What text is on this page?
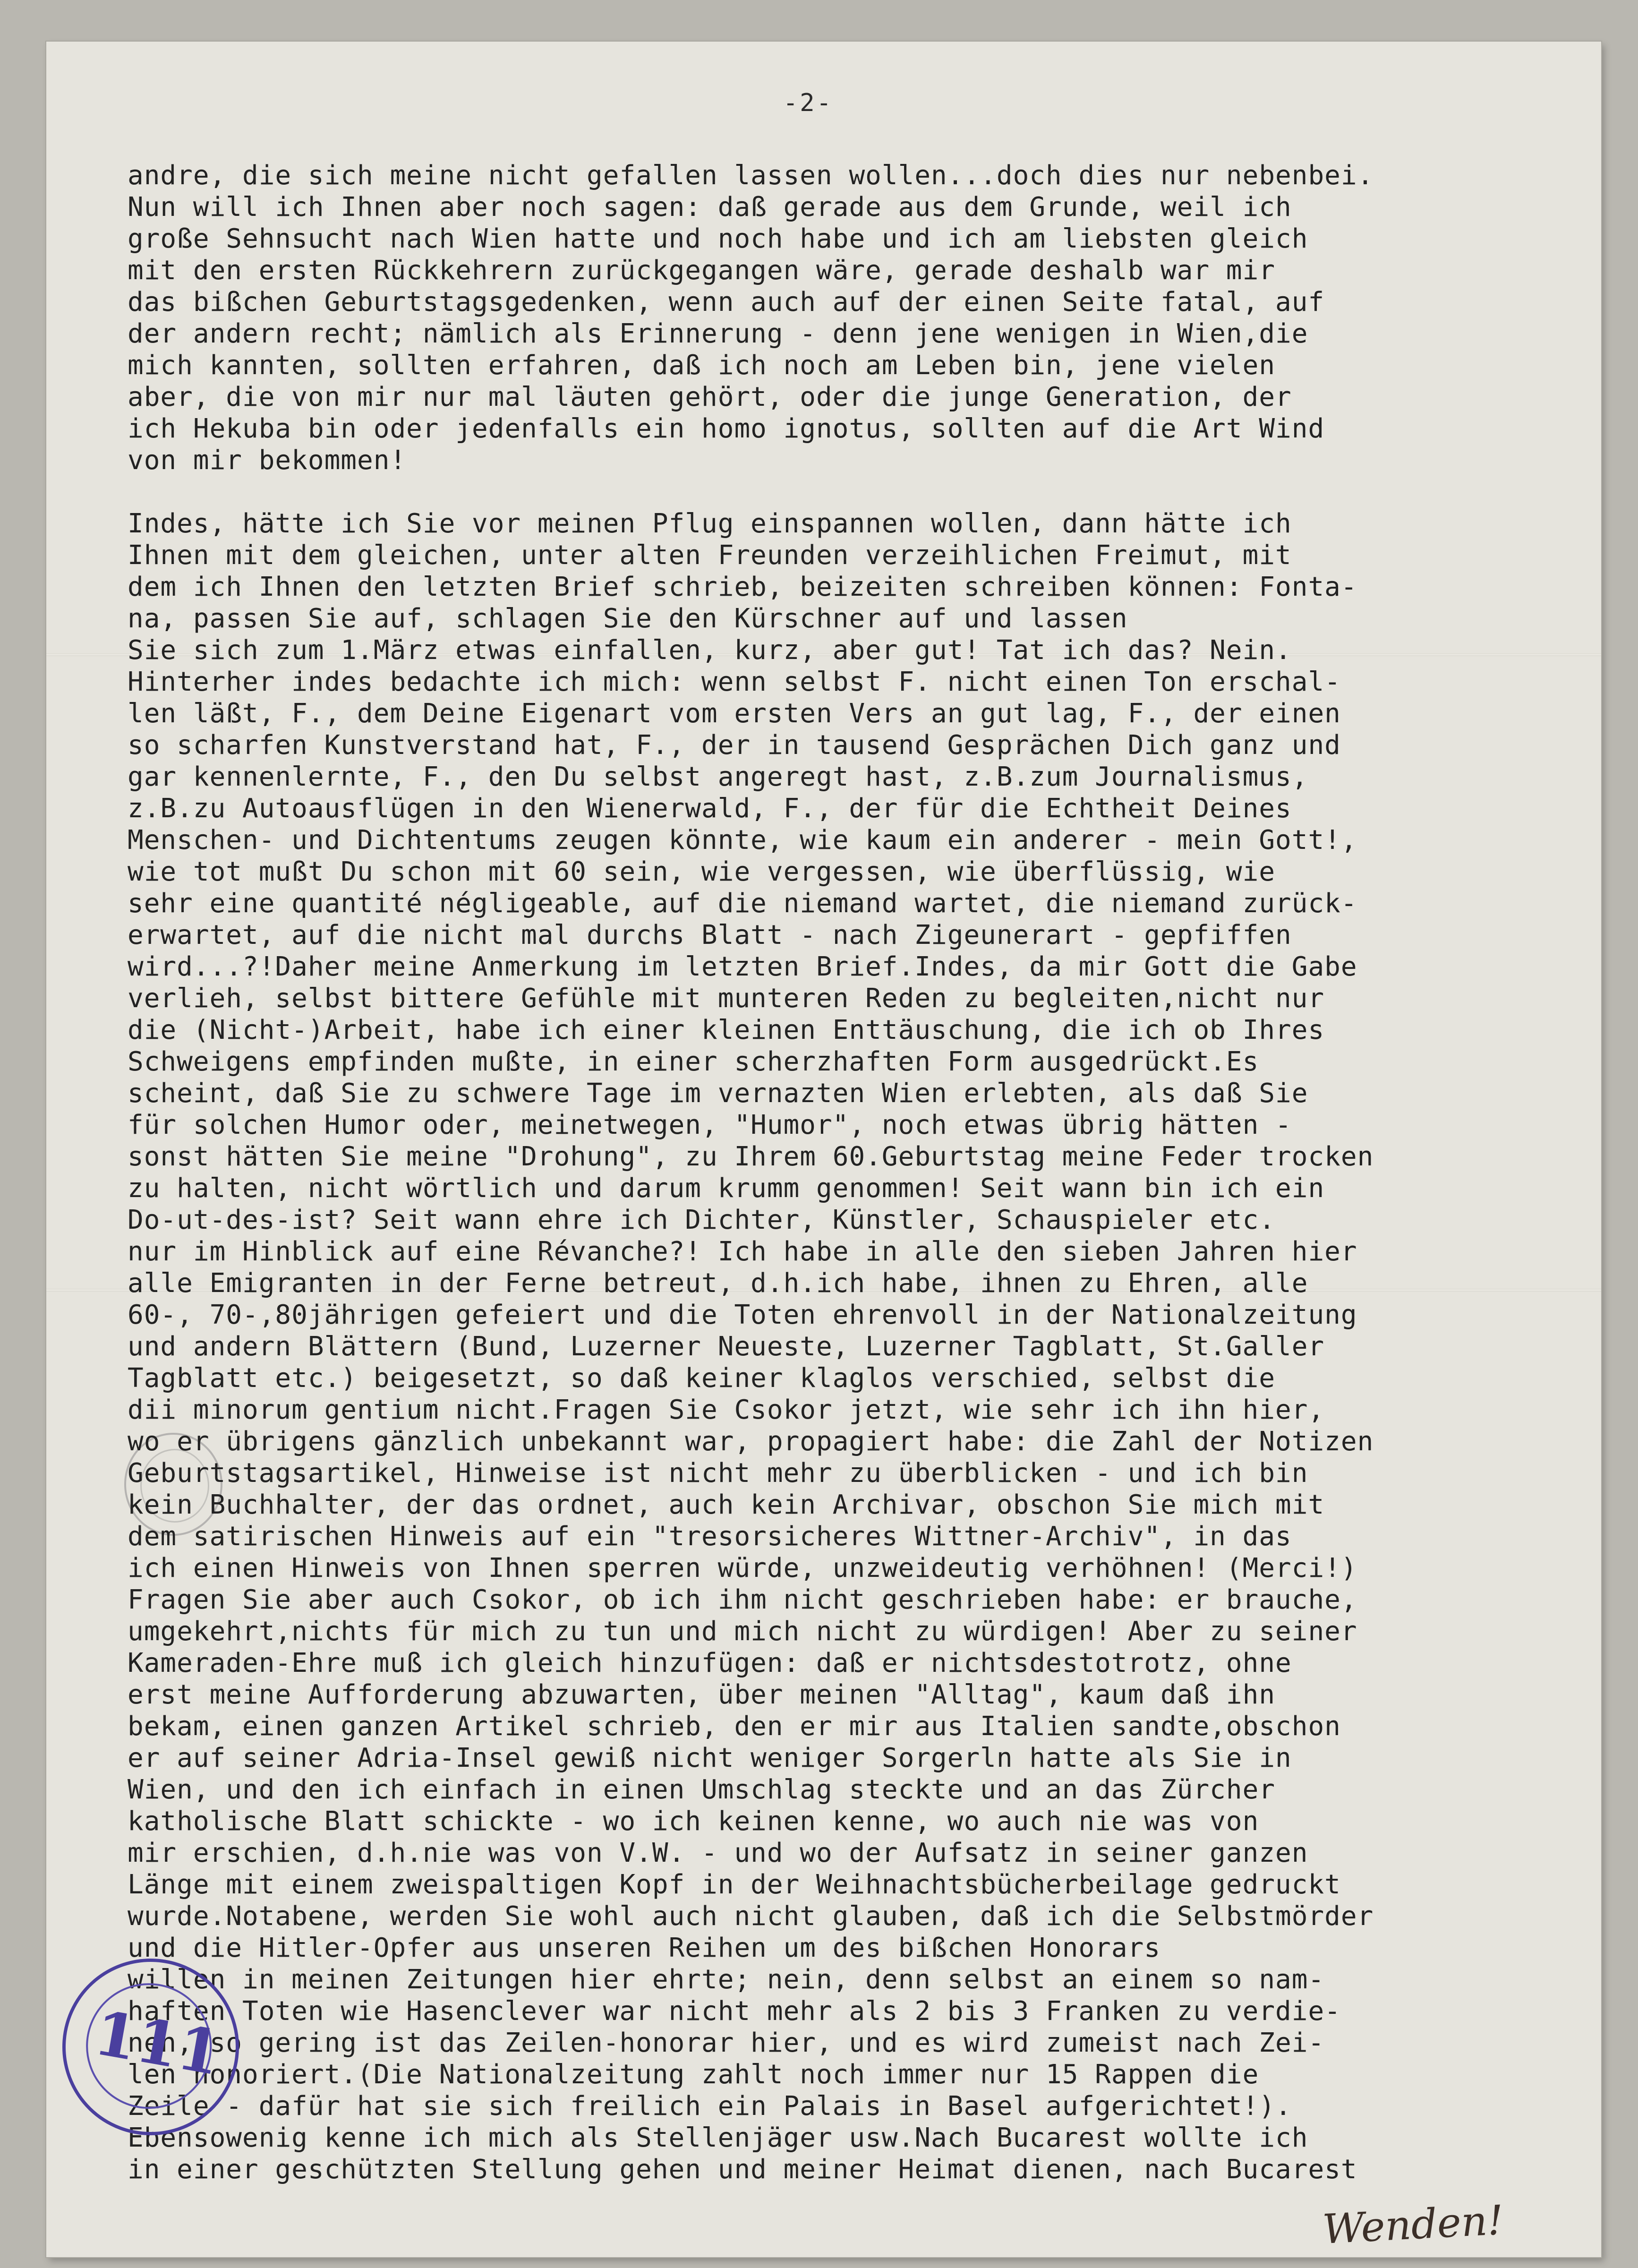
-2-
andre, die sich meine nicht gefallen lassen wollen...doch dies nur nebenbei.
Nun will ich Ihnen aber noch sagen: daß gerade aus dem Grunde, weil ich
große Sehnsucht nach Wien hatte und noch habe und ich am liebsten gleich
mit den ersten Rückkehrern zurückgegangen wäre, gerade deshalb war mir
das bißchen Geburtstagsgedenken, wenn auch auf der einen Seite fatal, auf
der andern recht; nämlich als Erinnerung - denn jene wenigen in Wien,die
mich kannten, sollten erfahren, daß ich noch am Leben bin, jene vielen
aber, die von mir nur mal läuten gehört, oder die junge Generation, der
ich Hekuba bin oder jedenfalls ein homo ignotus, sollten auf die Art Wind
von mir bekommen!
Indes, hätte ich Sie vor meinen Pflug einspannen wollen, dann hätte ich
Ihnen mit dem gleichen, unter alten Freunden verzeihlichen Freimut, mit
dem ich Ihnen den letzten Brief schrieb, beizeiten schreiben können: Fonta-
na, passen Sie auf, schlagen Sie den Kürschner auf und lassen
Sie sich zum 1.März etwas einfallen, kurz, aber gut! Tat ich das? Nein.
Hinterher indes bedachte ich mich: wenn selbst F. nicht einen Ton erschal-
len läßt, F., dem Deine Eigenart vom ersten Vers an gut lag, F., der einen
so scharfen Kunstverstand hat, F., der in tausend Gesprächen Dich ganz und
gar kennenlernte, F., den Du selbst angeregt hast, z.B.zum Journalismus,
z.B.zu Autoausflügen in den Wienerwald, F., der für die Echtheit Deines
Menschen- und Dichtentums zeugen könnte, wie kaum ein anderer - mein Gott!,
wie tot mußt Du schon mit 60 sein, wie vergessen, wie überflüssig, wie
sehr eine quantité négligeable, auf die niemand wartet, die niemand zurück-
erwartet, auf die nicht mal durchs Blatt - nach Zigeunerart - gepfiffen
wird...?!Daher meine Anmerkung im letzten Brief.Indes, da mir Gott die Gabe
verlieh, selbst bittere Gefühle mit munteren Reden zu begleiten,nicht nur
die (Nicht-)Arbeit, habe ich einer kleinen Enttäuschung, die ich ob Ihres
Schweigens empfinden mußte, in einer scherzhaften Form ausgedrückt.Es
scheint, daß Sie zu schwere Tage im vernazten Wien erlebten, als daß Sie
für solchen Humor oder, meinetwegen, "Humor", noch etwas übrig hätten -
sonst hätten Sie meine "Drohung", zu Ihrem 60.Geburtstag meine Feder trocken
zu halten, nicht wörtlich und darum krumm genommen! Seit wann bin ich ein
Do-ut-des-ist? Seit wann ehre ich Dichter, Künstler, Schauspieler etc.
nur im Hinblick auf eine Révanche?! Ich habe in alle den sieben Jahren hier
alle Emigranten in der Ferne betreut, d.h.ich habe, ihnen zu Ehren, alle
60-, 70-,80jährigen gefeiert und die Toten ehrenvoll in der Nationalzeitung
und andern Blättern (Bund, Luzerner Neueste, Luzerner Tagblatt, St.Galler
Tagblatt etc.) beigesetzt, so daß keiner klaglos verschied, selbst die
dii minorum gentium nicht.Fragen Sie Csokor jetzt, wie sehr ich ihn hier,
wo er übrigens gänzlich unbekannt war, propagiert habe: die Zahl der Notizen
Geburtstagsartikel, Hinweise ist nicht mehr zu überblicken - und ich bin
kein Buchhalter, der das ordnet, auch kein Archivar, obschon Sie mich mit
dem satirischen Hinweis auf ein "tresorsicheres Wittner-Archiv", in das
ich einen Hinweis von Ihnen sperren würde, unzweideutig verhöhnen! (Merci!)
Fragen Sie aber auch Csokor, ob ich ihm nicht geschrieben habe: er brauche,
umgekehrt,nichts für mich zu tun und mich nicht zu würdigen! Aber zu seiner
Kameraden-Ehre muß ich gleich hinzufügen: daß er nichtsdestotrotz, ohne
erst meine Aufforderung abzuwarten, über meinen "Alltag", kaum daß ihn
bekam, einen ganzen Artikel schrieb, den er mir aus Italien sandte,obschon
er auf seiner Adria-Insel gewiß nicht weniger Sorgerln hatte als Sie in
Wien, und den ich einfach in einen Umschlag steckte und an das Zürcher
katholische Blatt schickte - wo ich keinen kenne, wo auch nie was von
mir erschien, d.h.nie was von V.W. - und wo der Aufsatz in seiner ganzen
Länge mit einem zweispaltigen Kopf in der Weihnachtsbücherbeilage gedruckt
wurde.Notabene, werden Sie wohl auch nicht glauben, daß ich die Selbstmörder
und die Hitler-Opfer aus unseren Reihen um des bißchen Honorars
willen in meinen Zeitungen hier ehrte; nein, denn selbst an einem so nam-
haften Toten wie Hasenclever war nicht mehr als 2 bis 3 Franken zu verdie-
nen, so gering ist das Zeilen-honorar hier, und es wird zumeist nach Zei-
len honoriert.(Die Nationalzeitung zahlt noch immer nur 15 Rappen die
Zeile - dafür hat sie sich freilich ein Palais in Basel aufgerichtet!).
Ebensowenig kenne ich mich als Stellenjäger usw.Nach Bucarest wollte ich
in einer geschützten Stellung gehen und meiner Heimat dienen, nach Bucarest
111
Wenden!
